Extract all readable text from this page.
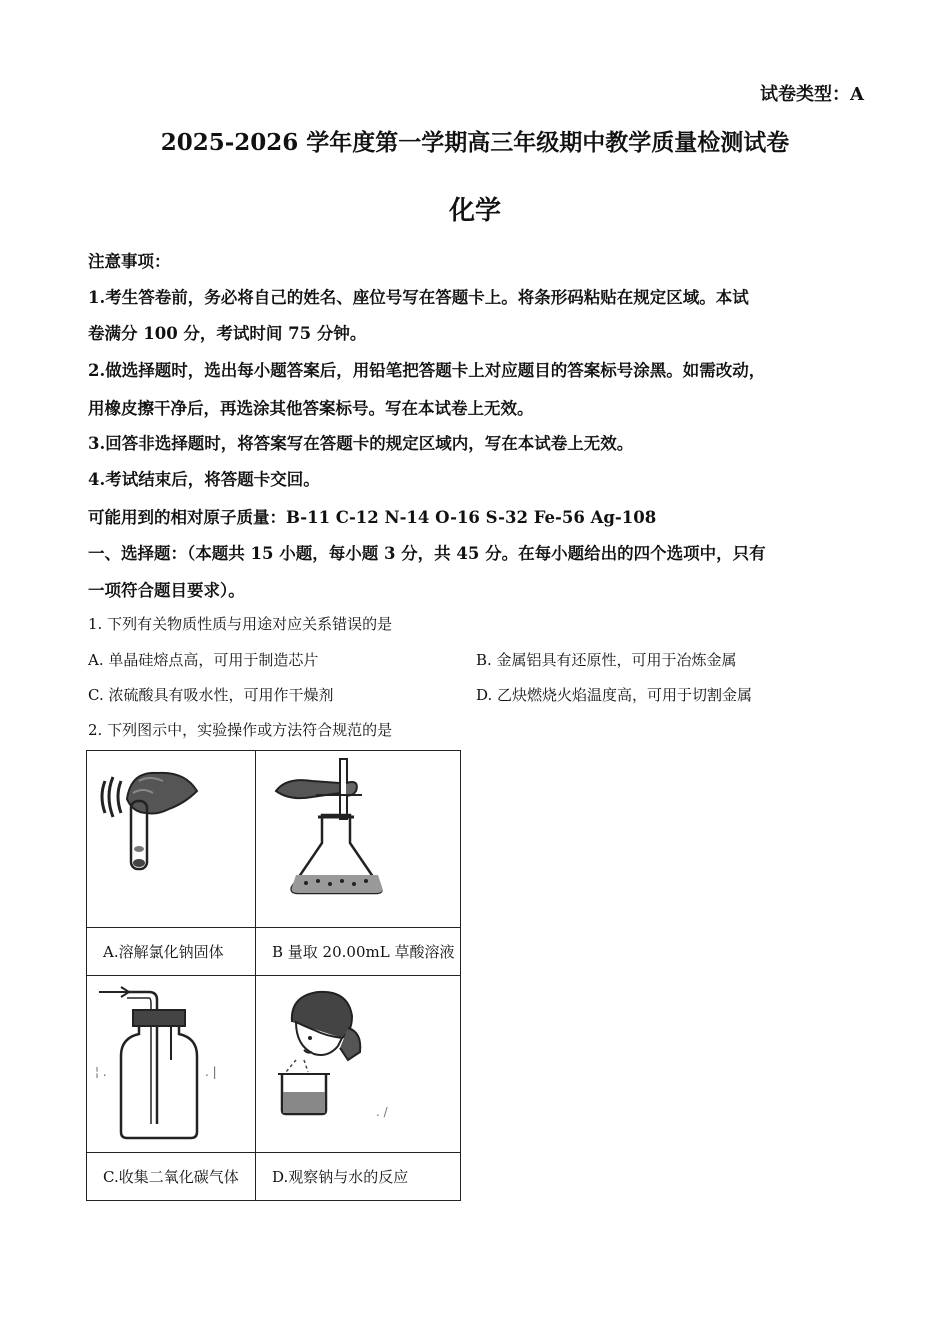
试卷类型：A
2025-2026 学年度第一学期高三年级期中教学质量检测试卷
化学
注意事项：
1.考生答卷前，务必将自己的姓名、座位号写在答题卡上。将条形码粘贴在规定区域。本试
卷满分 100 分，考试时间 75 分钟。
2.做选择题时，选出每小题答案后，用铅笔把答题卡上对应题目的答案标号涂黑。如需改动，
用橡皮擦干净后，再选涂其他答案标号。写在本试卷上无效。
3.回答非选择题时，将答案写在答题卡的规定区域内，写在本试卷上无效。
4.考试结束后，将答题卡交回。
可能用到的相对原子质量：B-11 C-12 N-14 O-16 S-32 Fe-56 Ag-108
一、选择题：（本题共 15 小题，每小题 3 分，共 45 分。在每小题给出的四个选项中，只有
一项符合题目要求）。
1. 下列有关物质性质与用途对应关系错误的是
A. 单晶硅熔点高，可用于制造芯片	B. 金属铝具有还原性，可用于冶炼金属
C. 浓硫酸具有吸水性，可用作干燥剂	D. 乙炔燃烧火焰温度高，可用于切割金属
2. 下列图示中，实验操作或方法符合规范的是

A.溶解氯化钠固体	B 量取 20.00mL 草酸溶液

¦ . . |	. /

C.收集二氧化碳气体	D.观察钠与水的反应
